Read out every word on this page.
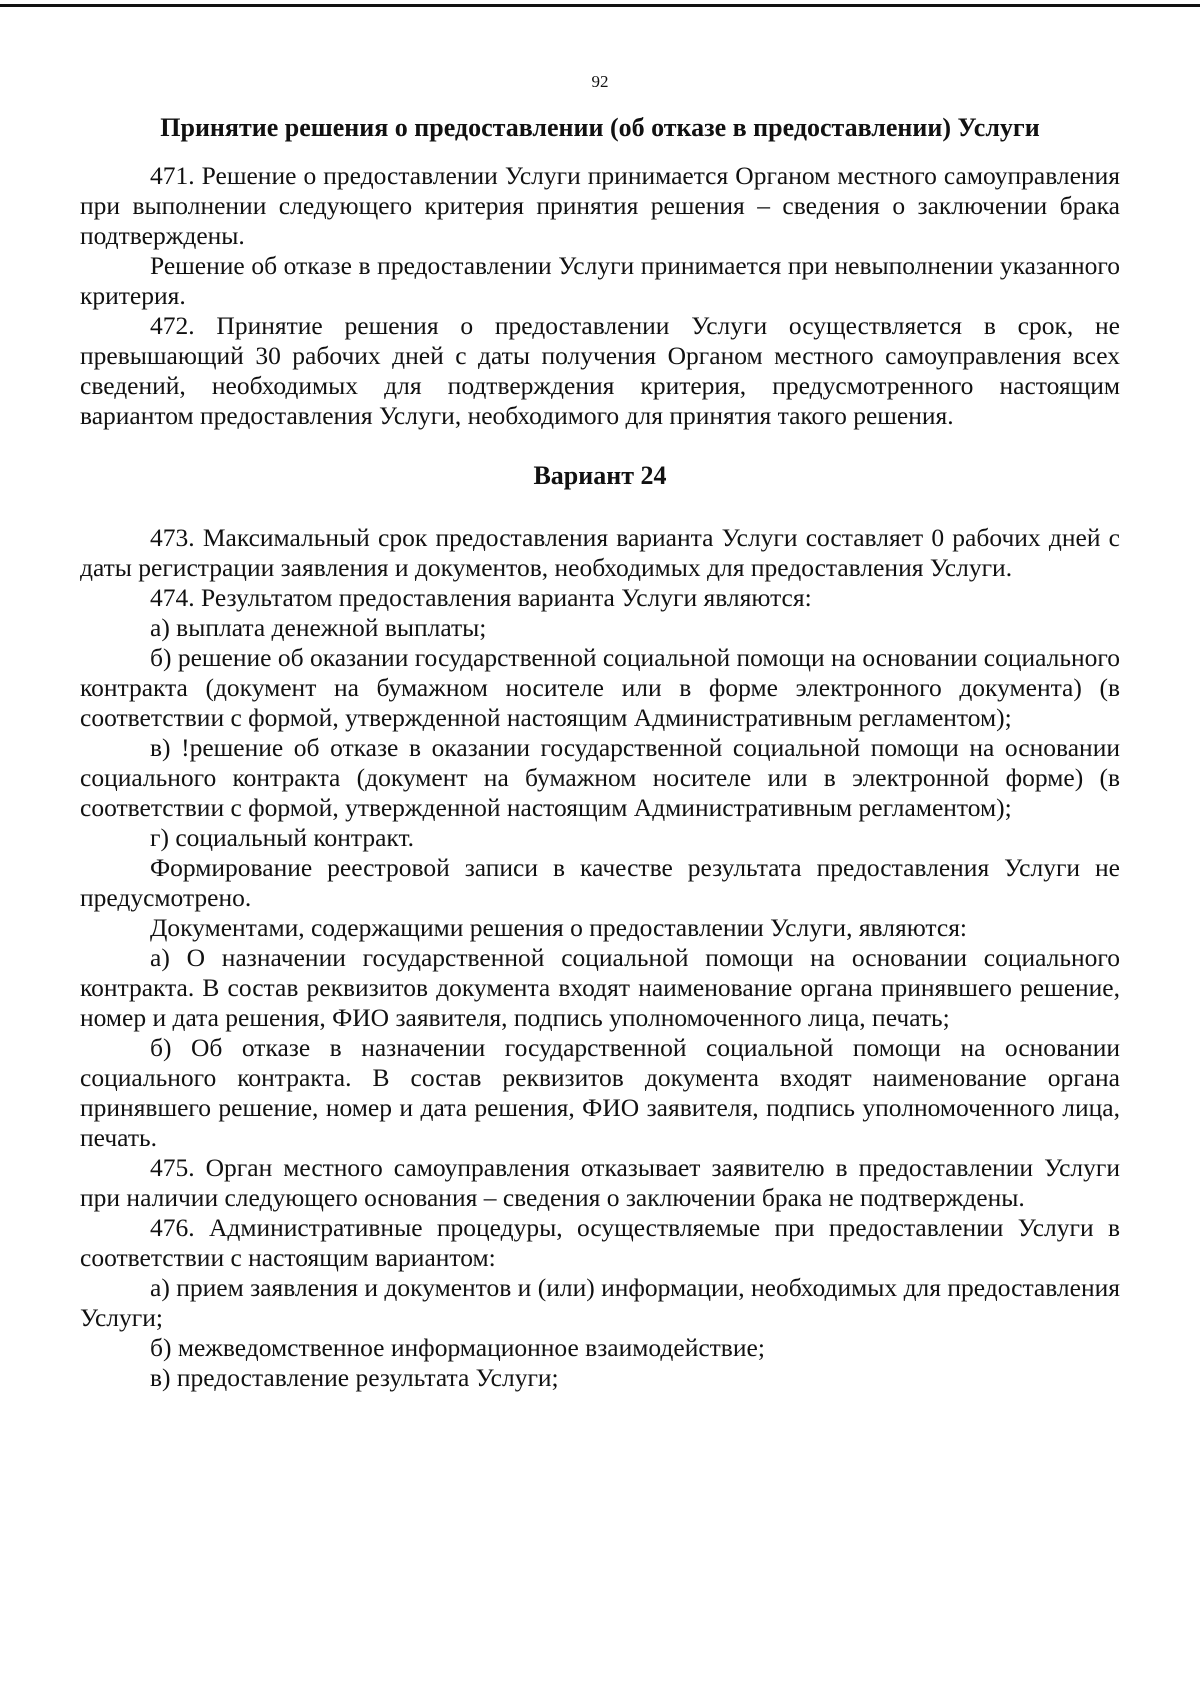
92
Принятие решения о предоставлении (об отказе в предоставлении) Услуги

471. Решение о предоставлении Услуги принимается Органом местного самоуправления при выполнении следующего критерия принятия решения – сведения о заключении брака подтверждены.

Решение об отказе в предоставлении Услуги принимается при невыполнении указанного критерия.

472. Принятие решения о предоставлении Услуги осуществляется в срок, не превышающий 30 рабочих дней с даты получения Органом местного самоуправления всех сведений, необходимых для подтверждения критерия, предусмотренного настоящим вариантом предоставления Услуги, необходимого для принятия такого решения.

Вариант 24

473. Максимальный срок предоставления варианта Услуги составляет 0 рабочих дней с даты регистрации заявления и документов, необходимых для предоставления Услуги.

474. Результатом предоставления варианта Услуги являются:

а) выплата денежной выплаты;

б) решение об оказании государственной социальной помощи на основании социального контракта (документ на бумажном носителе или в форме электронного документа) (в соответствии с формой, утвержденной настоящим Административным регламентом);

в) !решение об отказе в оказании государственной социальной помощи на основании социального контракта (документ на бумажном носителе или в электронной форме) (в соответствии с формой, утвержденной настоящим Административным регламентом);

г) социальный контракт.

Формирование реестровой записи в качестве результата предоставления Услуги не предусмотрено.

Документами, содержащими решения о предоставлении Услуги, являются:

а) О назначении государственной социальной помощи на основании социального контракта. В состав реквизитов документа входят наименование органа принявшего решение, номер и дата решения, ФИО заявителя, подпись уполномоченного лица, печать;

б) Об отказе в назначении государственной социальной помощи на основании социального контракта. В состав реквизитов документа входят наименование органа принявшего решение, номер и дата решения, ФИО заявителя, подпись уполномоченного лица, печать.

475. Орган местного самоуправления отказывает заявителю в предоставлении Услуги при наличии следующего основания – сведения о заключении брака не подтверждены.

476. Административные процедуры, осуществляемые при предоставлении Услуги в соответствии с настоящим вариантом:

а) прием заявления и документов и (или) информации, необходимых для предоставления Услуги;

б) межведомственное информационное взаимодействие;

в) предоставление результата Услуги;
